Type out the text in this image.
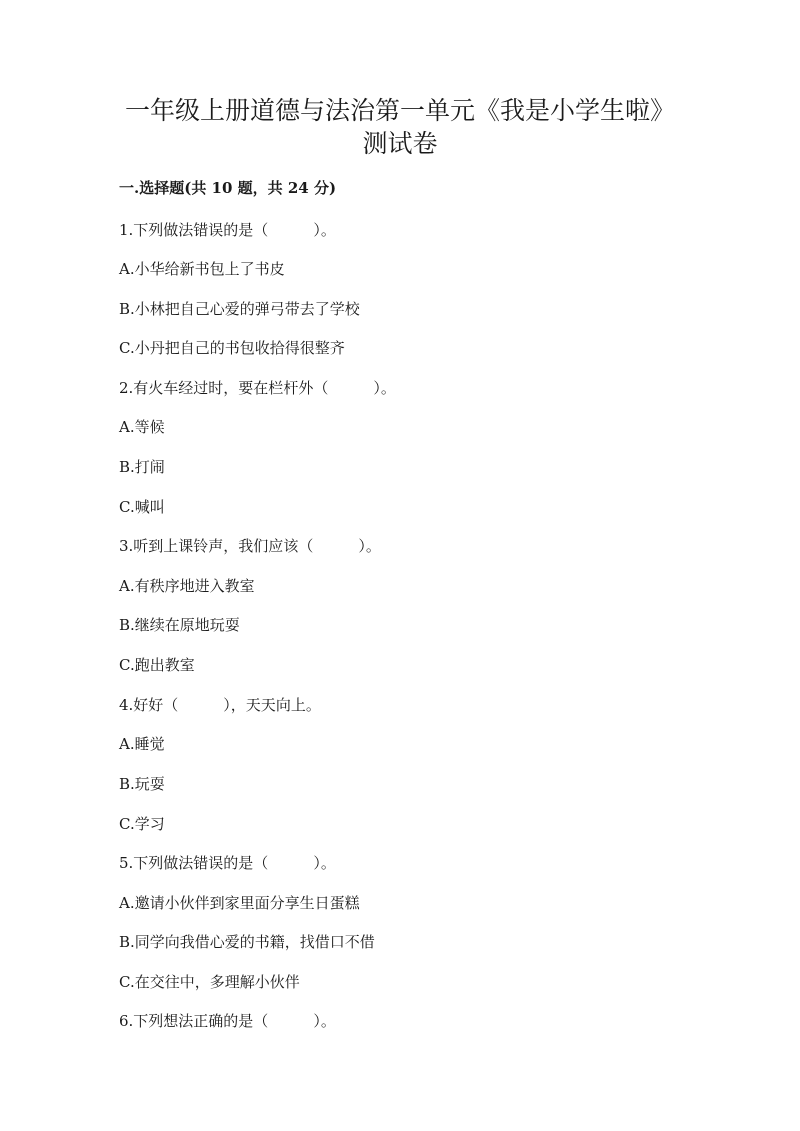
一年级上册道德与法治第一单元《我是小学生啦》
测试卷
一.选择题(共 10 题，共 24 分)

1.下列做法错误的是（　　　）。

A.小华给新书包上了书皮

B.小林把自己心爱的弹弓带去了学校

C.小丹把自己的书包收拾得很整齐

2.有火车经过时，要在栏杆外（　　　）。

A.等候

B.打闹

C.喊叫

3.听到上课铃声，我们应该（　　　）。

A.有秩序地进入教室

B.继续在原地玩耍

C.跑出教室

4.好好（　　　），天天向上。

A.睡觉

B.玩耍

C.学习

5.下列做法错误的是（　　　）。

A.邀请小伙伴到家里面分享生日蛋糕

B.同学向我借心爱的书籍，找借口不借

C.在交往中，多理解小伙伴

6.下列想法正确的是（　　　）。
